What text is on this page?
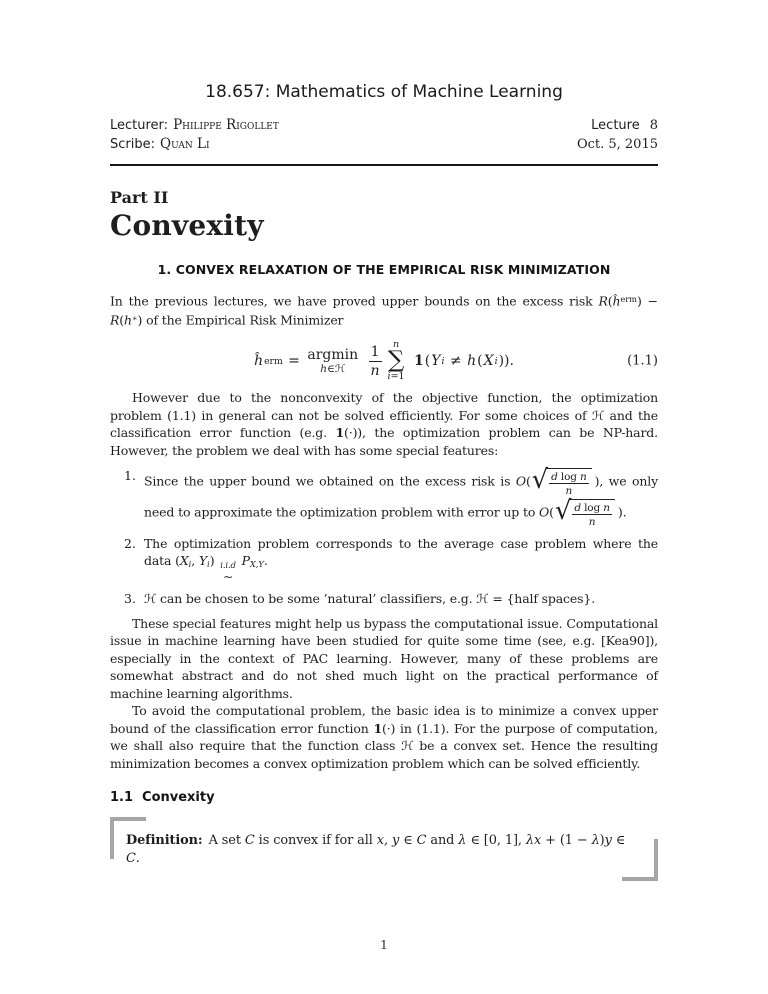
18.657: Mathematics of Machine Learning
Lecturer: Philippe Rigollet	Lecture 8
Scribe: Quan Li	Oct. 5, 2015
Part II
Convexity
1. CONVEX RELAXATION OF THE EMPIRICAL RISK MINIMIZATION
In the previous lectures, we have proved upper bounds on the excess risk $R(ĥ^{erm}) - R(h^∗)$ of the Empirical Risk Minimizer
ĥ erm = argmin
h∈ℋ
$\frac{1}{n}$ n
∑
i=1

1 ( Y i ≠ h ( X i )).	(1.1)
However due to the nonconvexity of the objective function, the optimization problem (1.1) in general can not be solved efficiently. For some choices of ℋ and the classification error function (e.g. 1(·)), the optimization problem can be NP-hard. However, the problem we deal with has some special features:
1. Since the upper bound we obtained on the excess risk is O( √
$\frac{\text{d log n}}{n}$ ), we only need to approximate the optimization problem with error up to O( √
$\frac{\text{d log n}}{n}$ ).
2. The optimization problem corresponds to the average case problem where the data (Xi, Yi) i.i.d
∼
PX,Y.
3. ℋ can be chosen to be some ’natural’ classifiers, e.g. ℋ = {half spaces}.
These special features might help us bypass the computational issue. Computational issue in machine learning have been studied for quite some time (see, e.g. [Kea90]), especially in the context of PAC learning. However, many of these problems are somewhat abstract and do not shed much light on the practical performance of machine learning algorithms.
To avoid the computational problem, the basic idea is to minimize a convex upper bound of the classification error function 1(·) in (1.1). For the purpose of computation, we shall also require that the function class ℋ be a convex set. Hence the resulting minimization becomes a convex optimization problem which can be solved efficiently.
1.1 Convexity
Definition: A set C is convex if for all x, y ∈ C and λ ∈ [0, 1], λx + (1 − λ)y ∈ C.
1
